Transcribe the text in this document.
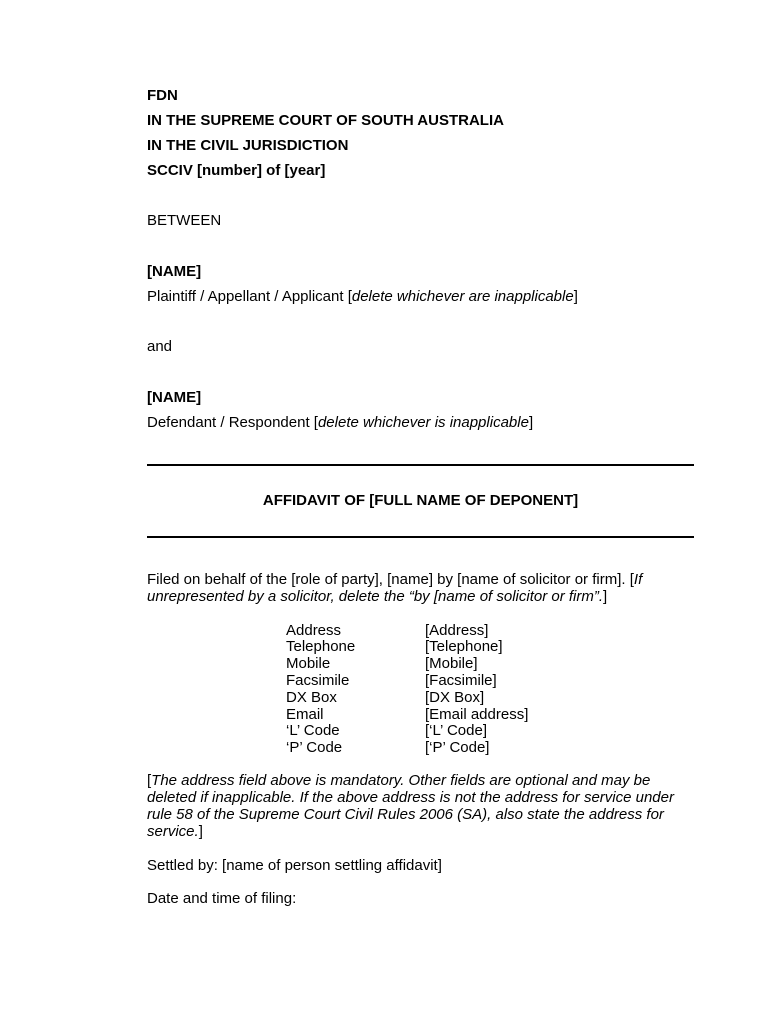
FDN
IN THE SUPREME COURT OF SOUTH AUSTRALIA
IN THE CIVIL JURISDICTION
SCCIV [number] of [year]
BETWEEN
[NAME]
Plaintiff / Appellant / Applicant [delete whichever are inapplicable]
and
[NAME]
Defendant / Respondent [delete whichever is inapplicable]
AFFIDAVIT OF [FULL NAME OF DEPONENT]
Filed on behalf of the [role of party], [name] by [name of solicitor or firm]. [If unrepresented by a solicitor, delete the “by [name of solicitor or firm”.]
Address	[Address]
Telephone	[Telephone]
Mobile	[Mobile]
Facsimile	[Facsimile]
DX Box	[DX Box]
Email	[Email address]
‘L’ Code	[‘L’ Code]
‘P’ Code	[‘P’ Code]
[The address field above is mandatory. Other fields are optional and may be deleted if inapplicable. If the above address is not the address for service under rule 58 of the Supreme Court Civil Rules 2006 (SA), also state the address for service.]
Settled by: [name of person settling affidavit]
Date and time of filing:
